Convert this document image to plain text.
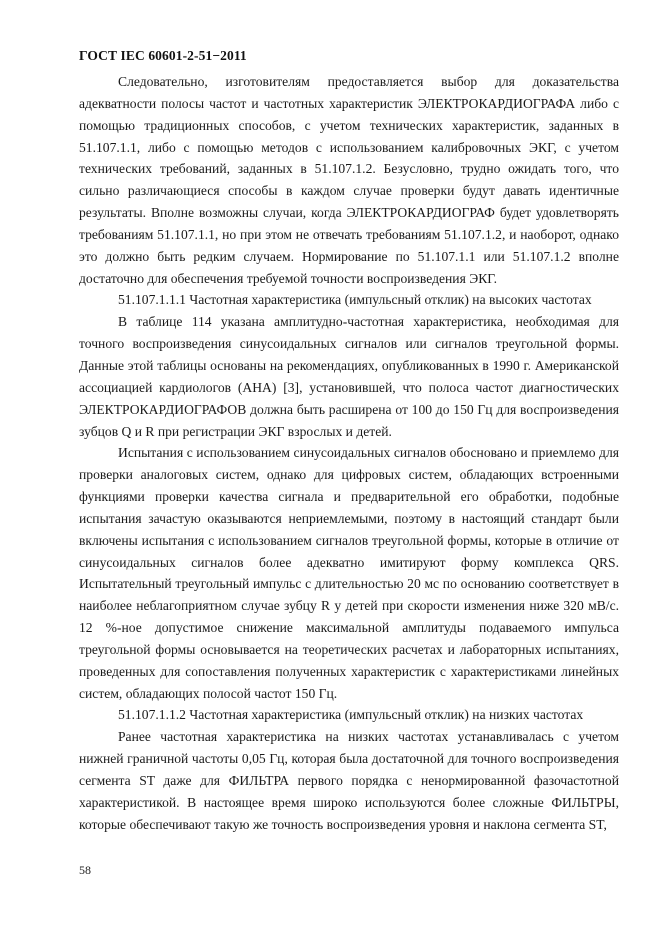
ГОСТ IEC 60601-2-51−2011

Следовательно, изготовителям предоставляется выбор для доказательства адекватности полосы частот и частотных характеристик ЭЛЕКТРОКАРДИОГРАФА либо с помощью традиционных способов, с учетом технических характеристик, заданных в 51.107.1.1, либо с помощью методов с использованием калибровочных ЭКГ, с учетом технических требований, заданных в 51.107.1.2. Безусловно, трудно ожидать того, что сильно различающиеся способы в каждом случае проверки будут давать идентичные результаты. Вполне возможны случаи, когда ЭЛЕКТРОКАРДИОГРАФ будет удовлетворять требованиям 51.107.1.1, но при этом не отвечать требованиям 51.107.1.2, и наоборот, однако это должно быть редким случаем. Нормирование по 51.107.1.1 или 51.107.1.2 вполне достаточно для обеспечения требуемой точности воспроизведения ЭКГ.

51.107.1.1.1 Частотная характеристика (импульсный отклик) на высоких частотах

В таблице 114 указана амплитудно-частотная характеристика, необходимая для точного воспроизведения синусоидальных сигналов или сигналов треугольной формы. Данные этой таблицы основаны на рекомендациях, опубликованных в 1990 г. Американской ассоциацией кардиологов (AHA) [3], установившей, что полоса частот диагностических ЭЛЕКТРОКАРДИОГРАФОВ должна быть расширена от 100 до 150 Гц для воспроизведения зубцов Q и R при регистрации ЭКГ взрослых и детей.

Испытания с использованием синусоидальных сигналов обосновано и приемлемо для проверки аналоговых систем, однако для цифровых систем, обладающих встроенными функциями проверки качества сигнала и предварительной его обработки, подобные испытания зачастую оказываются неприемлемыми, поэтому в настоящий стандарт были включены испытания с использованием сигналов треугольной формы, которые в отличие от синусоидальных сигналов более адекватно имитируют форму комплекса QRS. Испытательный треугольный импульс с длительностью 20 мс по основанию соответствует в наиболее неблагоприятном случае зубцу R у детей при скорости изменения ниже 320 мВ/с. 12 %-ное допустимое снижение максимальной амплитуды подаваемого импульса треугольной формы основывается на теоретических расчетах и лабораторных испытаниях, проведенных для сопоставления полученных характеристик с характеристиками линейных систем, обладающих полосой частот 150 Гц.

51.107.1.1.2 Частотная характеристика (импульсный отклик) на низких частотах

Ранее частотная характеристика на низких частотах устанавливалась с учетом нижней граничной частоты 0,05 Гц, которая была достаточной для точного воспроизведения сегмента ST даже для ФИЛЬТРА первого порядка с ненормированной фазочастотной характеристикой. В настоящее время широко используются более сложные ФИЛЬТРЫ, которые обеспечивают такую же точность воспроизведения уровня и наклона сегмента ST,

58
